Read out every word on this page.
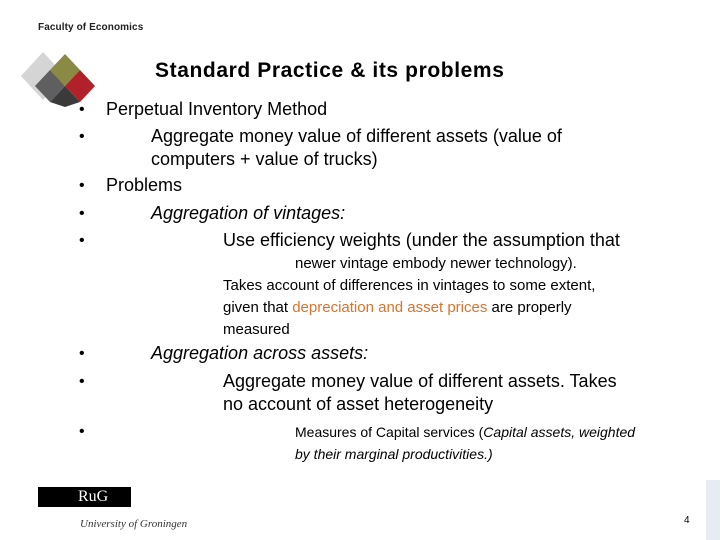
Faculty of Economics
Standard Practice & its problems
• Perpetual Inventory Method
•	Aggregate money value of different assets (value of
computers + value of trucks)
• Problems
•	Aggregation of vintages:
•	Use efficiency weights (under the assumption that
newer vintage embody newer technology).
Takes account of differences in vintages to some extent,
given that depreciation and asset prices are properly
measured
•	Aggregation across assets:
•	Aggregate money value of different assets. Takes
no account of asset heterogeneity
•	Measures of Capital services (Capital assets, weighted
by their marginal productivities.)
RuG
University of Groningen	4
